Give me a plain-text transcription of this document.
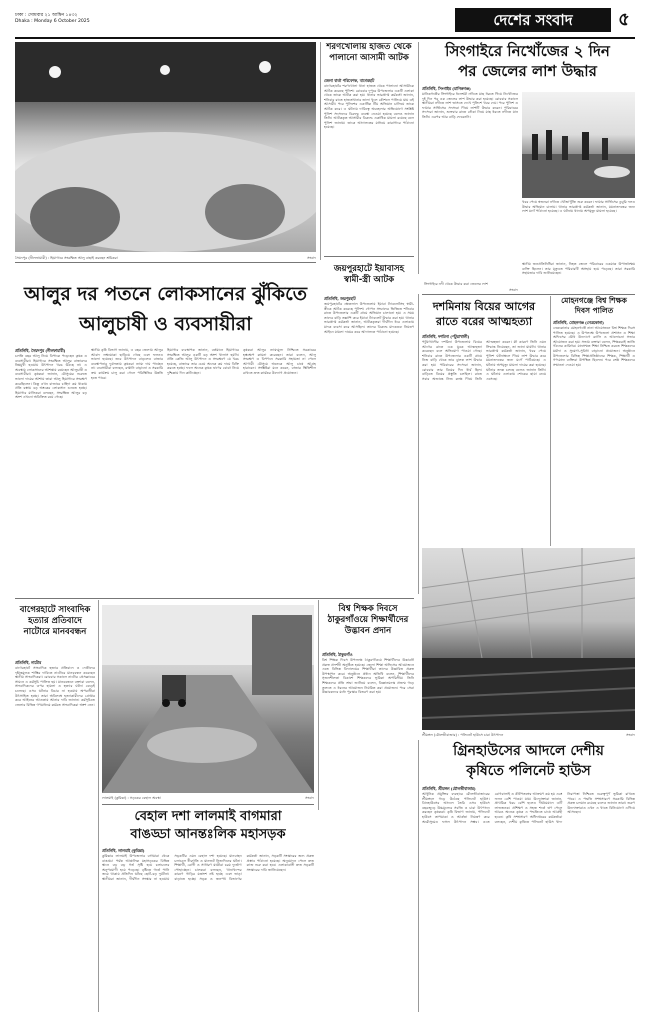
ঢাকা : সোমবার ২১ আশ্বিন ১৪৩২
Dhaka : Monday 6 October 2025	দেশের সংবাদ	৫
সৈয়দপুর (নীলফামারী) : হিমাগারে সংরক্ষিত আলু বাছাই করছেন শ্রমিকরা	সংবাদ
শরণখোলায় হাজত থেকে পালানো আসামী আটক
জেলা বার্তা পরিবেশক, বাগেরহাট
বাগেরহাটের শরণখোলা থানা হাজত থেকে পালানো আসামীকে আটক করেছে পুলিশ। রোববার দুপুরে উপজেলার একটি এলাকা থেকে তাকে আটক করা হয়। থানার ভারপ্রাপ্ত কর্মকর্তা জানান, শনিবার রাতে হাজতখানার তালা খুলে কৌশলে পালিয়ে যায় ওই আসামী। পরে পুলিশের একাধিক টিম অভিযান চালিয়ে তাকে আটক করে। এ ঘটনায় দায়িত্বে অবহেলার অভিযোগে সংশ্লিষ্ট পুলিশ সদস্যদের বিরুদ্ধে ব্যবস্থা নেওয়া হয়েছে বলেও জানান তিনি। আটককৃত আসামীর বিরুদ্ধে একাধিক মামলা রয়েছে বলে পুলিশ জানায়। তাকে আদালতের মাধ্যমে কারাগারে পাঠানো হয়েছে।
সিংগাইরে নিখোঁজের ২ দিন
পর জেলের লাশ উদ্ধার
প্রতিনিধি, সিংগাইর (মানিকগঞ্জ)
মানিকগঞ্জের সিংগাইরে ধলেশ্বরী নদীতে মাছ ধরতে গিয়ে নিখোঁজের দুই দিন পর এক জেলের লাশ উদ্ধার করা হয়েছে। রোববার সকালে স্থানীয়রা নদীতে লাশ ভাসতে দেখে পুলিশে খবর দেয়। পরে পুলিশ ও ফায়ার সার্ভিসের সদস্যরা গিয়ে লাশটি উদ্ধার করেন। পরিবারের সদস্যরা জানান, শুক্রবার রাতে নৌকা নিয়ে মাছ ধরতে নদীতে যান তিনি। এরপর আর বাড়ি ফেরেননি।
খবর পেয়ে স্বজনরা নদীতে খোঁজাখুঁজি শুরু করেন। ফায়ার সার্ভিসের ডুবুরি দলও উদ্ধার অভিযান চালায়। থানার ভারপ্রাপ্ত কর্মকর্তা জানান, ময়নাতদন্তের জন্য লাশ মর্গে পাঠানো হয়েছে। এ ঘটনায় থানায় অপমৃত্যু মামলা হয়েছে।
সিংগাইরে নদী থেকে উদ্ধার করা জেলের লাশ
স্থানীয় জনপ্রতিনিধিরা জানান, নিহত জেলে পরিবারের একমাত্র উপার্জনক্ষম ব্যক্তি ছিলেন। তার মৃত্যুতে পরিবারটি অসহায় হয়ে পড়েছে। তারা সরকারি সহায়তার দাবি জানিয়েছেন।
সংবাদ
আলুর দর পতনে লোকসানের ঝুঁকিতে
আলুচাষী ও ব্যবসায়ীরা
প্রতিনিধি, সৈয়দপুর (নীলফামারী)
চলতি বছর আলু নিয়ে বিপাকে পড়েছেন কৃষক ও ব্যবসায়ীরা। হিমাগারে সংরক্ষিত আলুর বাজারদর নিম্নমুখী হওয়ায় উৎপাদন খরচ উঠছে না। এ অবস্থায় লোকসানের আশঙ্কায় রয়েছেন আলুচাষী ও ব্যবসায়ীরা। কৃষকরা জানান, মৌসুমের শুরুতে ভালো দামের আশায় তারা আলু হিমাগারে সংরক্ষণ করেছিলেন। কিন্তু এখন বাজারে চাহিদা কম থাকায় প্রতি বস্তায় বড় অংকের লোকসান গুনতে হচ্ছে। হিমাগার মালিকরা বলছেন, সংরক্ষিত আলুর বড় অংশ এখনো অবিক্রিত রয়ে গেছে।
স্থানীয় কৃষি বিভাগ জানায়, এ বছর জেলায় আলুর আবাদ লক্ষ্যমাত্রা ছাড়িয়ে গেছে এবং ফলনও ভালো হয়েছে। তবে উৎপাদন বাড়লেও বাজার ব্যবস্থাপনার দুর্বলতায় কৃষকরা ন্যায্য দাম পাচ্ছেন না। ব্যবসায়ীরা বলছেন, রপ্তানি বাড়ানো ও সরকারি ক্রয় কার্যক্রম চালু করা গেলে পরিস্থিতির উন্নতি হতে পারে।
হিমাগার ব্যবস্থাপক জানান, বর্তমানে হিমাগারে সংরক্ষিত আলুর একটি বড় অংশ খালাস হয়নি। প্রতি কেজি আলু উৎপাদন ও সংরক্ষণে যে খরচ হয়েছে, বাজারে তার চেয়ে অনেক কম দামে বিক্রি করতে হচ্ছে। ফলে অনেক কৃষক ঋণের বোঝা নিয়ে দুশ্চিন্তায় দিন কাটাচ্ছেন।
কৃষকরা আলুর ন্যায্যমূল্য নিশ্চিতে সরকারের হস্তক্ষেপ কামনা করেছেন। তারা বলেন, আলু সংরক্ষণ ও বিপণনে সরকারি সহায়তা না পেলে আগামী মৌসুমে অনেকে আলু চাষে আগ্রহ হারাবেন। সংশ্লিষ্টরা মনে করেন, বাজার স্থিতিশীল রাখতে দ্রুত কার্যকর উদ্যোগ প্রয়োজন।
জয়পুরহাটে ইয়াবাসহ স্বামী-স্ত্রী আটক
প্রতিনিধি, জয়পুরহাট
জয়পুরহাটের ক্ষেতলাল উপজেলায় ইয়াবা ট্যাবলেটসহ স্বামী-স্ত্রীকে আটক করেছে পুলিশ। গোপন সংবাদের ভিত্তিতে শনিবার রাতে উপজেলার একটি গ্রামে অভিযান চালানো হয়। এ সময় তাদের বাড়ি তল্লাশি করে ইয়াবা ট্যাবলেট উদ্ধার করা হয়। থানার ভারপ্রাপ্ত কর্মকর্তা জানান, আটককৃতরা দীর্ঘদিন ধরে এলাকায় মাদক ব্যবসা করে আসছিল। তাদের বিরুদ্ধে মাদকদ্রব্য নিয়ন্ত্রণ আইনে মামলা দায়ের করে আদালতে পাঠানো হয়েছে।
দশমিনায় বিয়ের আগের
রাতে বরের আত্মহত্যা
প্রতিনিধি, দশমিনা (পটুয়াখালী)
পটুয়াখালীর দশমিনা উপজেলায় বিয়ের আগের রাতে এক যুবক আত্মহত্যা করেছেন বলে অভিযোগ পাওয়া গেছে। শনিবার রাতে উপজেলার একটি গ্রামে নিজ বাড়ি থেকে তার ঝুলন্ত লাশ উদ্ধার করা হয়। পরিবারের সদস্যরা জানান, রোববার তার বিয়ের দিন ধার্য ছিল। বাড়িতে বিয়ের প্রস্তুতি চলছিল। রাতে সবার অজান্তে নিজ কক্ষে গিয়ে তিনি আত্মহত্যা করেন। কী কারণে তিনি এমন সিদ্ধান্ত নিয়েছেন, তা জানা যায়নি। থানার ভারপ্রাপ্ত কর্মকর্তা জানান, খবর পেয়ে পুলিশ ঘটনাস্থলে গিয়ে লাশ উদ্ধার করে ময়নাতদন্তের জন্য মর্গে পাঠিয়েছে। এ ঘটনায় অপমৃত্যু মামলা দায়ের করা হয়েছে। ঘটনার তদন্ত চলছে বলেও জানান তিনি। এ ঘটনায় এলাকায় শোকের ছায়া নেমে এসেছে।
মোহনগঞ্জে বিশ্ব শিক্ষক দিবস পালিত
প্রতিনিধি, মোহনগঞ্জ (নেত্রকোনা)
নেত্রকোনার মোহনগঞ্জে নানা আয়োজনে বিশ্ব শিক্ষক দিবস পালিত হয়েছে। এ উপলক্ষে উপজেলা প্রশাসন ও শিক্ষা অফিসের যৌথ উদ্যোগে র‌্যালি ও আলোচনা সভার আয়োজন করা হয়। সভায় বক্তারা বলেন, শিক্ষকরাই জাতি গঠনের কারিগর। মানসম্মত শিক্ষা নিশ্চিত করতে শিক্ষকদের মর্যাদা ও সুযোগ-সুবিধা বাড়ানো প্রয়োজন। অনুষ্ঠানে উপজেলার বিভিন্ন শিক্ষাপ্রতিষ্ঠানের শিক্ষক, শিক্ষার্থী ও গণ্যমান্য ব্যক্তিরা উপস্থিত ছিলেন। পরে শ্রেষ্ঠ শিক্ষকদের সম্মাননা দেওয়া হয়।
শ্রীমঙ্গল (মৌলভীবাজার) : পলিনেট হাউসে চারা উৎপাদন	সংবাদ
বাগেরহাটে সাংবাদিক হত্যার প্রতিবাদে নাটোরে মানববন্ধন
প্রতিনিধি, নাটোর
বাগেরহাটে সাংবাদিক হত্যার প্রতিবাদে ও দোষীদের দৃষ্টান্তমূলক শাস্তির দাবিতে নাটোরে মানববন্ধন করেছেন স্থানীয় সাংবাদিকরা। রোববার সকালে নাটোর প্রেসক্লাবের সামনে এ কর্মসূচি পালিত হয়। মানববন্ধনে বক্তারা বলেন, সাংবাদিকদের ওপর হামলা ও হত্যার ঘটনা বেড়েই চলেছে। এসব ঘটনার বিচার না হওয়ায় অপরাধীরা উৎসাহিত হচ্ছে। তারা অবিলম্বে হত্যাকারীদের গ্রেপ্তার করে আইনের আওতায় আনার দাবি জানান। কর্মসূচিতে জেলার বিভিন্ন গণমাধ্যমে কর্মরত সাংবাদিকরা অংশ নেন।
লালমাই (কুমিল্লা) : সড়কের বেহাল অবস্থা	সংবাদ
বিশ্ব শিক্ষক দিবসে ঠাকুরগাঁওয়ে শিক্ষার্থীদের উদ্ভাবন প্রদান
প্রতিনিধি, ঠাকুরগাঁও
বিশ্ব শিক্ষক দিবস উপলক্ষে ঠাকুরগাঁওয়ে শিক্ষার্থীদের উদ্ভাবনী প্রকল্প প্রদর্শনী অনুষ্ঠিত হয়েছে। জেলা শিক্ষা অফিসের আয়োজনে এতে বিভিন্ন বিদ্যালয়ের শিক্ষার্থীরা তাদের উদ্ভাবিত প্রকল্প উপস্থাপন করে। অনুষ্ঠানে প্রধান অতিথি বলেন, শিক্ষার্থীদের সৃজনশীলতা বিকাশে শিক্ষকদের ভূমিকা অপরিসীম। তিনি শিক্ষকদের প্রতি শ্রদ্ধা জানিয়ে বলেন, বিজ্ঞানমনস্ক প্রজন্ম গড়ে তুলতে এ ধরনের আয়োজন নিয়মিত করা প্রয়োজন। পরে সেরা উদ্ভাবকদের মধ্যে পুরস্কার বিতরণ করা হয়।
বেহাল দশা লালমাই বাগমারা
বাঙড্ডা আনন্তঃলিক মহাসড়ক
প্রতিনিধি, লালমাই (কুমিল্লা)
কুমিল্লার লালমাই উপজেলার বাগমারা থেকে বাঙড্ডা পর্যন্ত আঞ্চলিক মহাসড়কের বিভিন্ন স্থানে বড় বড় গর্ত সৃষ্টি হয়ে চলাচলের অনুপযোগী হয়ে পড়েছে। বৃষ্টিতে গর্তে পানি জমে থাকায় প্রতিদিন ঘটছে ছোট-বড় দুর্ঘটনা। স্থানীয়রা জানান, দীর্ঘদিন সংস্কার না হওয়ায় সড়কটির এমন বেহাল দশা হয়েছে। যানবাহন চলাচলে ধীরগতি ও যানজট নিত্যদিনের ঘটনা। শিক্ষার্থী, রোগী ও সাধারণ যাত্রীরা চরম দুর্ভোগ পোহাচ্ছেন। চালকরা বলছেন, খানাখন্দের কারণে গাড়ির যন্ত্রাংশ নষ্ট হচ্ছে এবং ভাড়া বাড়াতে হচ্ছে। সড়ক ও জনপথ বিভাগের কর্মকর্তা জানান, সড়কটি সংস্কারের জন্য প্রকল্প প্রস্তাব পাঠানো হয়েছে। অনুমোদন পেলে দ্রুত কাজ শুরু করা হবে। এলাকাবাসী দ্রুত সড়কটি সংস্কারের দাবি জানিয়েছেন।
গ্রিনহাউসের আদলে দেশীয়
কৃষিতে পলিনেট হাউস
প্রতিনিধি, শ্রীমঙ্গল (মৌলভীবাজার)
আধুনিক প্রযুক্তির ব্যবহারে মৌলভীবাজারের শ্রীমঙ্গলে গড়ে উঠেছে পলিনেট হাউস। গ্রিনহাউসের আদলে তৈরি এসব হাউসে বছরজুড়ে উচ্চমূল্যের সবজি ও চারা উৎপাদন করছেন কৃষকরা। কৃষি বিভাগ জানায়, পলিনেট হাউসে তাপমাত্রা ও আর্দ্রতা নিয়ন্ত্রণ করে অমৌসুমেও ফসল উৎপাদন সম্ভব। এতে রোগবালাই ও কীটপতঙ্গের আক্রমণ কম হয় এবং ফলন বেশি পাওয়া যায়। উদ্যোক্তারা জানান, প্রাথমিক খরচ বেশি হলেও দীর্ঘমেয়াদে এটি লাভজনক। প্রশিক্ষণ ও সহজ শর্তে ঋণ পেলে আরও অনেক কৃষক এ পদ্ধতিতে চাষে আগ্রহী হবেন। কৃষি সম্প্রসারণ অধিদপ্তরের কর্মকর্তারা বলছেন, দেশীয় কৃষিতে পলিনেট হাউস খাদ্য নিরাপত্তা নিশ্চিতে গুরুত্বপূর্ণ ভূমিকা রাখতে পারে। এ পদ্ধতি সম্প্রসারণে সরকারি বিভিন্ন প্রকল্প চলমান রয়েছে বলেও জানান তারা। তরুণ উদ্যোক্তারাও এখন এ খাতে বিনিয়োগে এগিয়ে আসছেন।
